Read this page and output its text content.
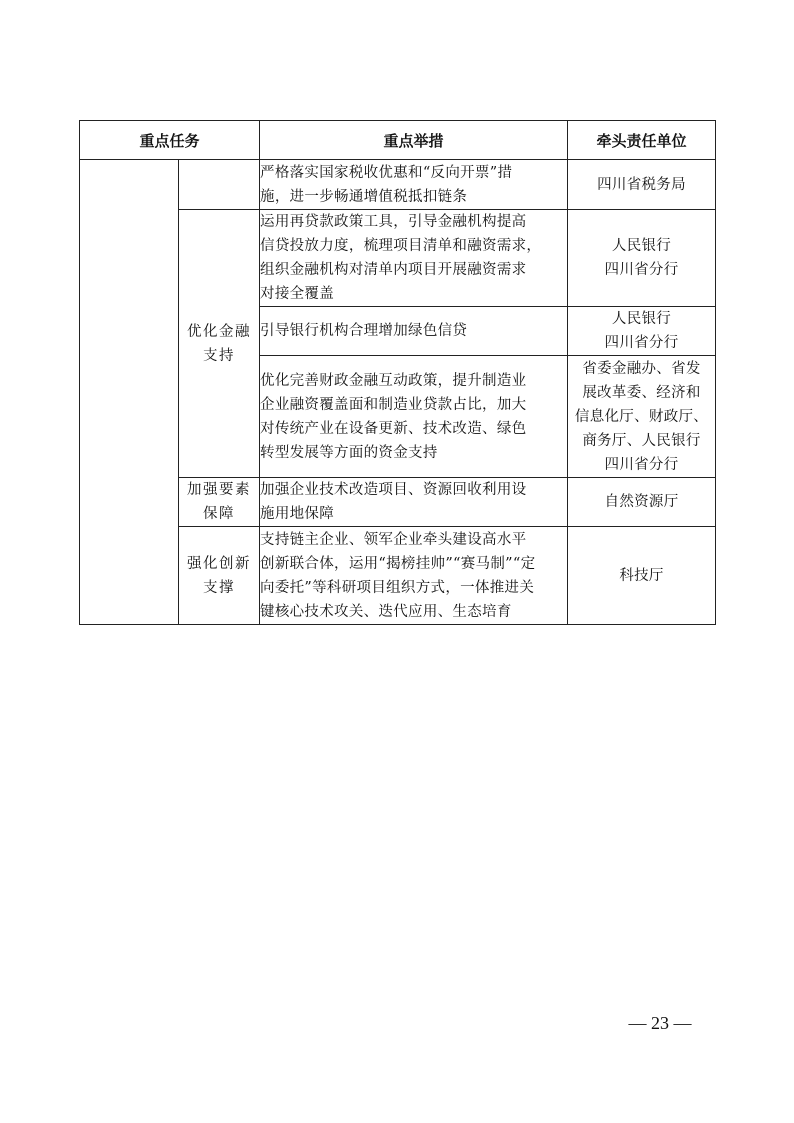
重点任务		重点举措	牵头责任单位

		严格落实国家税收优惠和“反向开票”措
施，进一步畅通增值税抵扣链条	四川省税务局

	优化金融
支持	运用再贷款政策工具，引导金融机构提高
信贷投放力度，梳理项目清单和融资需求，
组织金融机构对清单内项目开展融资需求
对接全覆盖	人民银行
四川省分行

		引导银行机构合理增加绿色信贷	人民银行
四川省分行

		优化完善财政金融互动政策，提升制造业
企业融资覆盖面和制造业贷款占比，加大
对传统产业在设备更新、技术改造、绿色
转型发展等方面的资金支持	省委金融办、省发
展改革委、经济和
信息化厅、财政厅、
商务厅、人民银行
四川省分行

	加强要素
保障	加强企业技术改造项目、资源回收利用设
施用地保障	自然资源厅

	强化创新
支撑	支持链主企业、领军企业牵头建设高水平
创新联合体，运用“揭榜挂帅”“赛马制”“定
向委托”等科研项目组织方式，一体推进关
键核心技术攻关、迭代应用、生态培育	科技厅
— 23 —
